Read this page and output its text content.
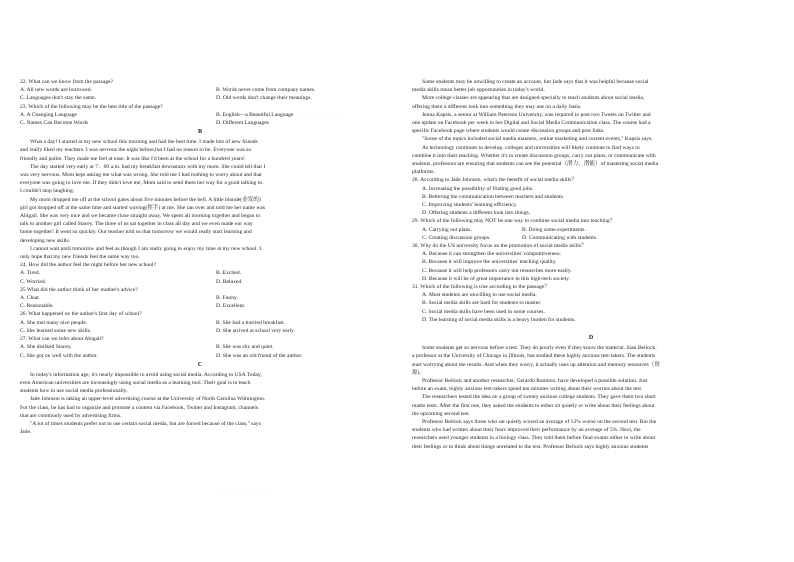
· · · · · · · ·
· · · · · · · · · ·

22. What can we know from the passage?

A. All new words are borrowed.	B. Words never come from company names.
C. Languages don't stay the same.	D. Old words don't change their meanings.

23. Which of the following may be the best title of the passage?

A. A Changing Language	B. English—a Beautiful Language
C. Names Can Become Words	D. Different Languages
B

What a day! I started at my new school this morning and had the best time. I made lots of new friends

and really liked my teachers. I was nervous the night before,but I had no reason to be. Everyone was so

friendly and polite. They made me feel at ease. It was like I'd been at the school for a hundred years!

The day started very early at 7：00 a.m. had my breakfast downstairs with my mom. She could tell that I

was very nervous. Mom kept asking me what was wrong. She told me I had nothing to worry about and that

everyone was going to love me. If they didn't love me, Mom said to send them her way for a good talking to.

I couldn't stop laughing.

My mom dropped me off at the school gates about five minutes before the bell. A little blonde(金发的)

girl got dropped off at the same time and started waving(挥手) at me. She ran over and told me her name was

Abigail. She was very nice and we became close straight away. We spent all morning together and began to

talk to another girl called Stacey. The three of us sat together in class all day and we even made our way

home together! It went so quickly. Our teacher told us that tomorrow we would really start learning and

developing new skills.

I cannot wait until tomorrow and feel as though I am really going to enjoy my time at my new school. I

only hope that my new friends feel the same way too.

24. How did the author feel the night before her new school?

A. Tired.	B. Excited.
C. Worried.	D. Relaxed.

25 What did the author think of her mother's advice?

A. Clear.	B. Funny.
C. Reasonable.	D. Excellent.

26. What happened on the author's first day of school?

A. She met many nice people.	B. She had a hurried breakfast.
C. She learned some new skills.	D. She arrived at school very early.

27. What can we infer about Abigail?

A. She disliked Stacey.	B. She was shy and quiet.
C. She got on well with the author.	D. She was an old friend of the author.
C

In today's information age, it's nearly impossible to avoid using social media. According to USA Today,

even American universities are increasingly using social media as a learning tool. Their goal is to teach

students how to use social media professionally.

Jade Johnson is taking an upper-level advertising course at the University of North Carolina Wilmington.

For the class, he has had to organize and promote a content via Facebook, Twitter and Instagram, channels

that are commonly used by advertising firms.

"A lot of times students prefer not to use certain social media, but are forced because of the class," says

Jade.

Some students may be unwilling to create an account, but Jade says that it was helpful because social

media skills mean better job opportunities in today's world.

More college classes are appearing that are designed specially to teach students about social media,

offering them a different look into something they may use on a daily basis.

Jenna Kapsis, a senior at William Paterson University, was required to post two Tweets on Twitter and

one update on Facebook per week in her Digital and Social Media Communication class. The course had a

specific Facebook page where students would create discussion groups and post links.

"Some of the topics included social media manners, online marketing and current events," Kapsis says.

As technology continues to develop, colleges and universities will likely continue to find ways to

combine it into their teaching. Whether it's to create discussion groups, carry out plans, or communicate with

students, professors are ensuring that students can see the potential（潜力，潜能）of mastering social media

platforms.

28. According to Jade Johnson, what's the benefit of social media skills？

A. Increasing the possibility of finding good jobs.

B. Bettering the communication between teachers and students.

C. Improving students' learning efficiency.

D. Offering students a different look into things.

29. Which of the following may NOT be one way to combine social media into teaching？

A. Carrying out plans.	B. Doing some experiments.
C. Creating discussion groups.	D. Communicating with students.

30. Why do the US university focus on the promotion of social media skills？

A. Because it can strengthen the universities' competitiveness.

B. Because it will improve the universities' teaching quality.

C. Because it will help professors carry out researches more easily.

D. Because it will be of great importance in this high-tech society.

31. Which of the following is true according to the passage？

A. Most students are unwilling to use social media.

B. Social media skills are hard for students to master.

C. Social media skills have been used in some courses.

D. The learning of social media skills is a heavy burden for students.

D

Some students get so nervous before a test. They do poorly even if they know the material. Sian Beilock,

a professor at the University of Chicago in Illinois, has studied these highly anxious test-takers. The students

start worrying about the results. And when they worry, it actually uses up attention and memory resources（资

源).

Professor Beilock and another researcher, Gerardo Ramirez, have developed a possible solution. Just

before an exam, highly anxious test-takers spend ten minutes writing about their worries about the test.

The researchers tested the idea on a group of twenty anxious college students. They gave them two short

maths tests. After the first one, they asked the students to either sit quietly or write about their feelings about

the upcoming second test.

Professor Beilock says those who sat quietly scored an average of 12% worse on the second test. But the

students who had written about their fears improved their performance by an average of 5%. Next, the

researchers used younger students in a biology class. They told them before final exams either to write about

their feelings or to think about things unrelated to the test. Professor Beilock says highly anxious students
